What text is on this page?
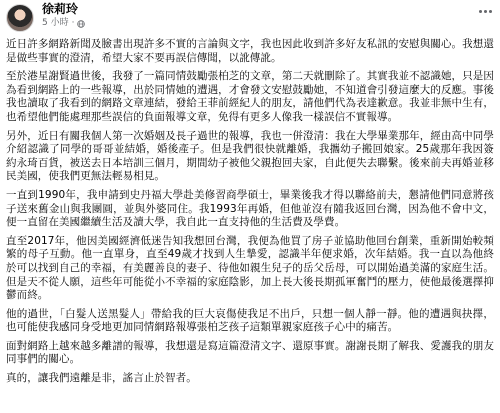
徐莉玲
5 小時 ·

近日許多網路新聞及臉書出現許多不實的言論與文字，我也因此收到許多好友私訊的安慰與關心。我想還是做些事實的澄清，希望大家不要再誤信傳聞，以訛傳訛。

至於港星謝賢過世後，我發了一篇同情鼓勵張柏芝的文章，第二天就刪除了。其實我並不認識她，只是因為看到網路上的一些報導，出於同情她的遭遇，才會發文安慰鼓勵她，不知道會引發這麼大的反應。事後我也讀取了我看到的網路文章連結，發給王菲前經紀人的朋友，請他們代為表達歉意。我並非無中生有，也希望他們能處理那些誤信的負面報導文章，免得有更多人像我一樣誤信不實報導。

另外，近日有關我個人第一次婚姻及長子過世的報導，我也一併澄清：我在大學畢業那年，經由高中同學介紹認識了同學的哥哥並結婚，婚後產子。但是我們很快就離婚，我攜幼子搬回娘家。25歲那年我因簽約永琦百貨，被送去日本培訓三個月，期間幼子被他父親抱回夫家，自此便失去聯繫。後來前夫再婚並移民美國，使我們更無法輕易相見。

一直到1990年，我申請到史丹福大學赴美修習商學碩士，畢業後我才得以聯絡前夫，懇請他們同意將孩子送來舊金山與我團圓，並與外婆同住。我1993年再婚，但他並沒有隨我返回台灣，因為他不會中文，便一直留在美國繼續生活及讀大學，我自此一直支持他的生活費及學費。

直至2017年，他因美國經濟低迷告知我想回台灣，我便為他買了房子並協助他回台創業，重新開始較頻繁的母子互動。他一直單身，直至49歲才找到人生摯愛，認識半年便求婚，次年結婚。我一直以為他終於可以找到自己的幸福，有美麗善良的妻子、待他如親生兒子的岳父岳母，可以開始過美滿的家庭生活。但是天不從人願，這些年可能從小不幸福的家庭陰影，加上長大後長期孤軍奮鬥的壓力，使他最後選擇抑鬱而終。

他的過世，「白髮人送黑髮人」帶給我的巨大哀傷使我足不出戶，只想一個人靜一靜。他的遭遇與抉擇，也可能使我感同身受地更加同情網路報導張柏芝孩子這類單親家庭孩子心中的痛苦。

面對網路上越來越多離譜的報導，我想還是寫這篇澄清文字、還原事實。謝謝長期了解我、愛護我的朋友同事們的關心。

真的，讓我們遠離是非，謠言止於智者。
